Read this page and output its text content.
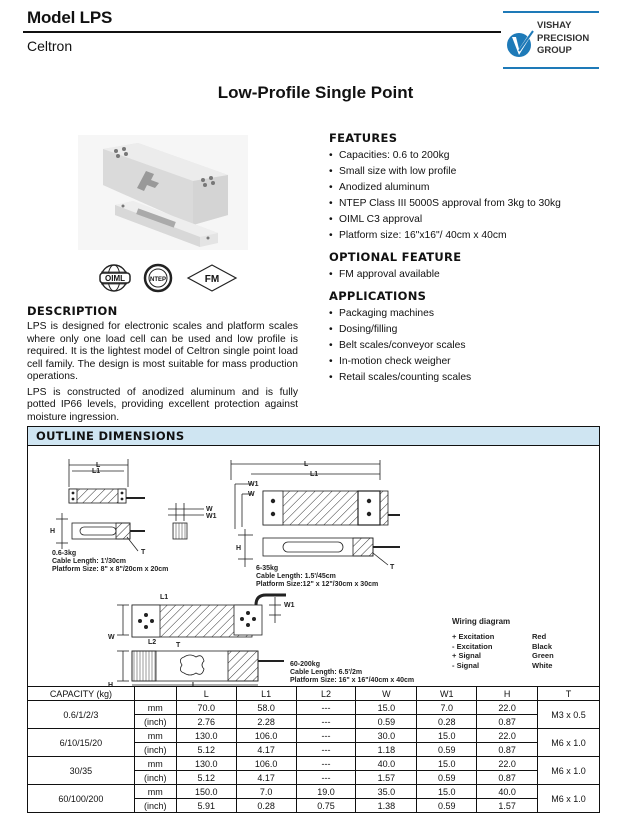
Model LPS
Celtron
VISHAY
PRECISION
GROUP
Low-Profile Single Point
OIML	NTEP	FM
DESCRIPTION

LPS is designed for electronic scales and platform scales where only one load cell can be used and low profile is required. It is the lightest model of Celtron single point load cell family. The design is most suitable for mass production operations.

LPS is constructed of anodized aluminum and is fully potted IP66 levels, providing excellent protection against moisture ingression.

FEATURES
• Capacities: 0.6 to 200kg
• Small size with low profile
• Anodized aluminum
• NTEP Class III 5000S approval from 3kg to 30kg
• OIML C3 approval
• Platform size: 16"x16"/ 40cm x 40cm
OPTIONAL FEATURE
• FM approval available
APPLICATIONS
• Packaging machines
• Dosing/filling
• Belt scales/conveyor scales
• In-motion check weigher
• Retail scales/counting scales
OUTLINE DIMENSIONS
L
L1
H
T
W
W1
0.6-3kg
Cable Length: 1'/30cm
Platform Size: 8" x 8"/20cm x 20cm
L
L1
W1
W
H
T
6-35kg
Cable Length: 1.5'/45cm
Platform Size:12" x 12"/30cm x 30cm
L1
W1
W
L2	T
H	L
60-200kg
Cable Length: 6.5'/2m
Platform Size: 16" x 16"/40cm x 40cm
Wiring diagram
+ Excitation	Red
- Excitation	Black
+ Signal	Green
- Signal	White
CAPACITY (kg)		L	L1	L2	W	W1	H	T
0.6/1/2/3	mm	70.0	58.0	---	15.0	7.0	22.0	M3 x 0.5
	(inch)	2.76	2.28	---	0.59	0.28	0.87	
6/10/15/20	mm	130.0	106.0	---	30.0	15.0	22.0	M6 x 1.0
	(inch)	5.12	4.17	---	1.18	0.59	0.87	
30/35	mm	130.0	106.0	---	40.0	15.0	22.0	M6 x 1.0
	(inch)	5.12	4.17	---	1.57	0.59	0.87	
60/100/200	mm	150.0	7.0	19.0	35.0	15.0	40.0	M6 x 1.0
	(inch)	5.91	0.28	0.75	1.38	0.59	1.57	
